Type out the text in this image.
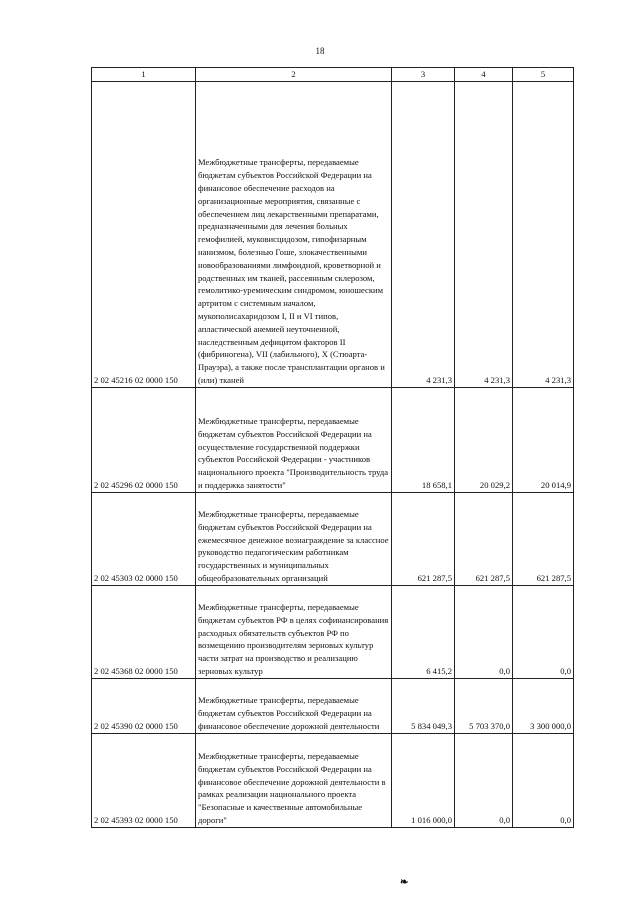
18
1	2	3	4	5
2 02 45216 02 0000 150	Межбюджетные трансферты, передаваемые бюджетам субъектов Российской Федерации на финансовое обеспечение расходов на организационные мероприятия, связанные с обеспечением лиц лекарственными препаратами, предназначенными для лечения больных гемофилией, муковисцидозом, гипофизарным нанизмом, болезнью Гоше, злокачественными новообразованиями лимфоидной, кроветворной и родственных им тканей, рассеянным склерозом, гемолитико-уремическим синдромом, юношеским артритом с системным началом, мукополисахаридозом I, II и VI типов, апластической анемией неуточненной, наследственным дефицитом факторов II (фибриногена), VII (лабильного), X (Стюарта-Прауэра), а также после трансплантации органов и (или) тканей	4 231,3	4 231,3	4 231,3
2 02 45296 02 0000 150	Межбюджетные трансферты, передаваемые бюджетам субъектов Российской Федерации на осуществление государственной поддержки субъектов Российской Федерации - участников национального проекта "Производительность труда и поддержка занятости"	18 658,1	20 029,2	20 014,9
2 02 45303 02 0000 150	Межбюджетные трансферты, передаваемые бюджетам субъектов Российской Федерации на ежемесячное денежное вознаграждение за классное руководство педагогическим работникам государственных и муниципальных общеобразовательных организаций	621 287,5	621 287,5	621 287,5
2 02 45368 02 0000 150	Межбюджетные трансферты, передаваемые бюджетам субъектов РФ в целях софинансирования расходных обязательств субъектов РФ по возмещению производителям зерновых культур части затрат на производство и реализацию зерновых культур	6 415,2	0,0	0,0
2 02 45390 02 0000 150	Межбюджетные трансферты, передаваемые бюджетам субъектов Российской Федерации на финансовое обеспечение дорожной деятельности	5 834 049,3	5 703 370,0	3 300 000,0
2 02 45393 02 0000 150	Межбюджетные трансферты, передаваемые бюджетам субъектов Российской Федерации на финансовое обеспечение дорожной деятельности в рамках реализации национального проекта "Безопасные и качественные автомобильные дороги"	1 016 000,0	0,0	0,0
❧
